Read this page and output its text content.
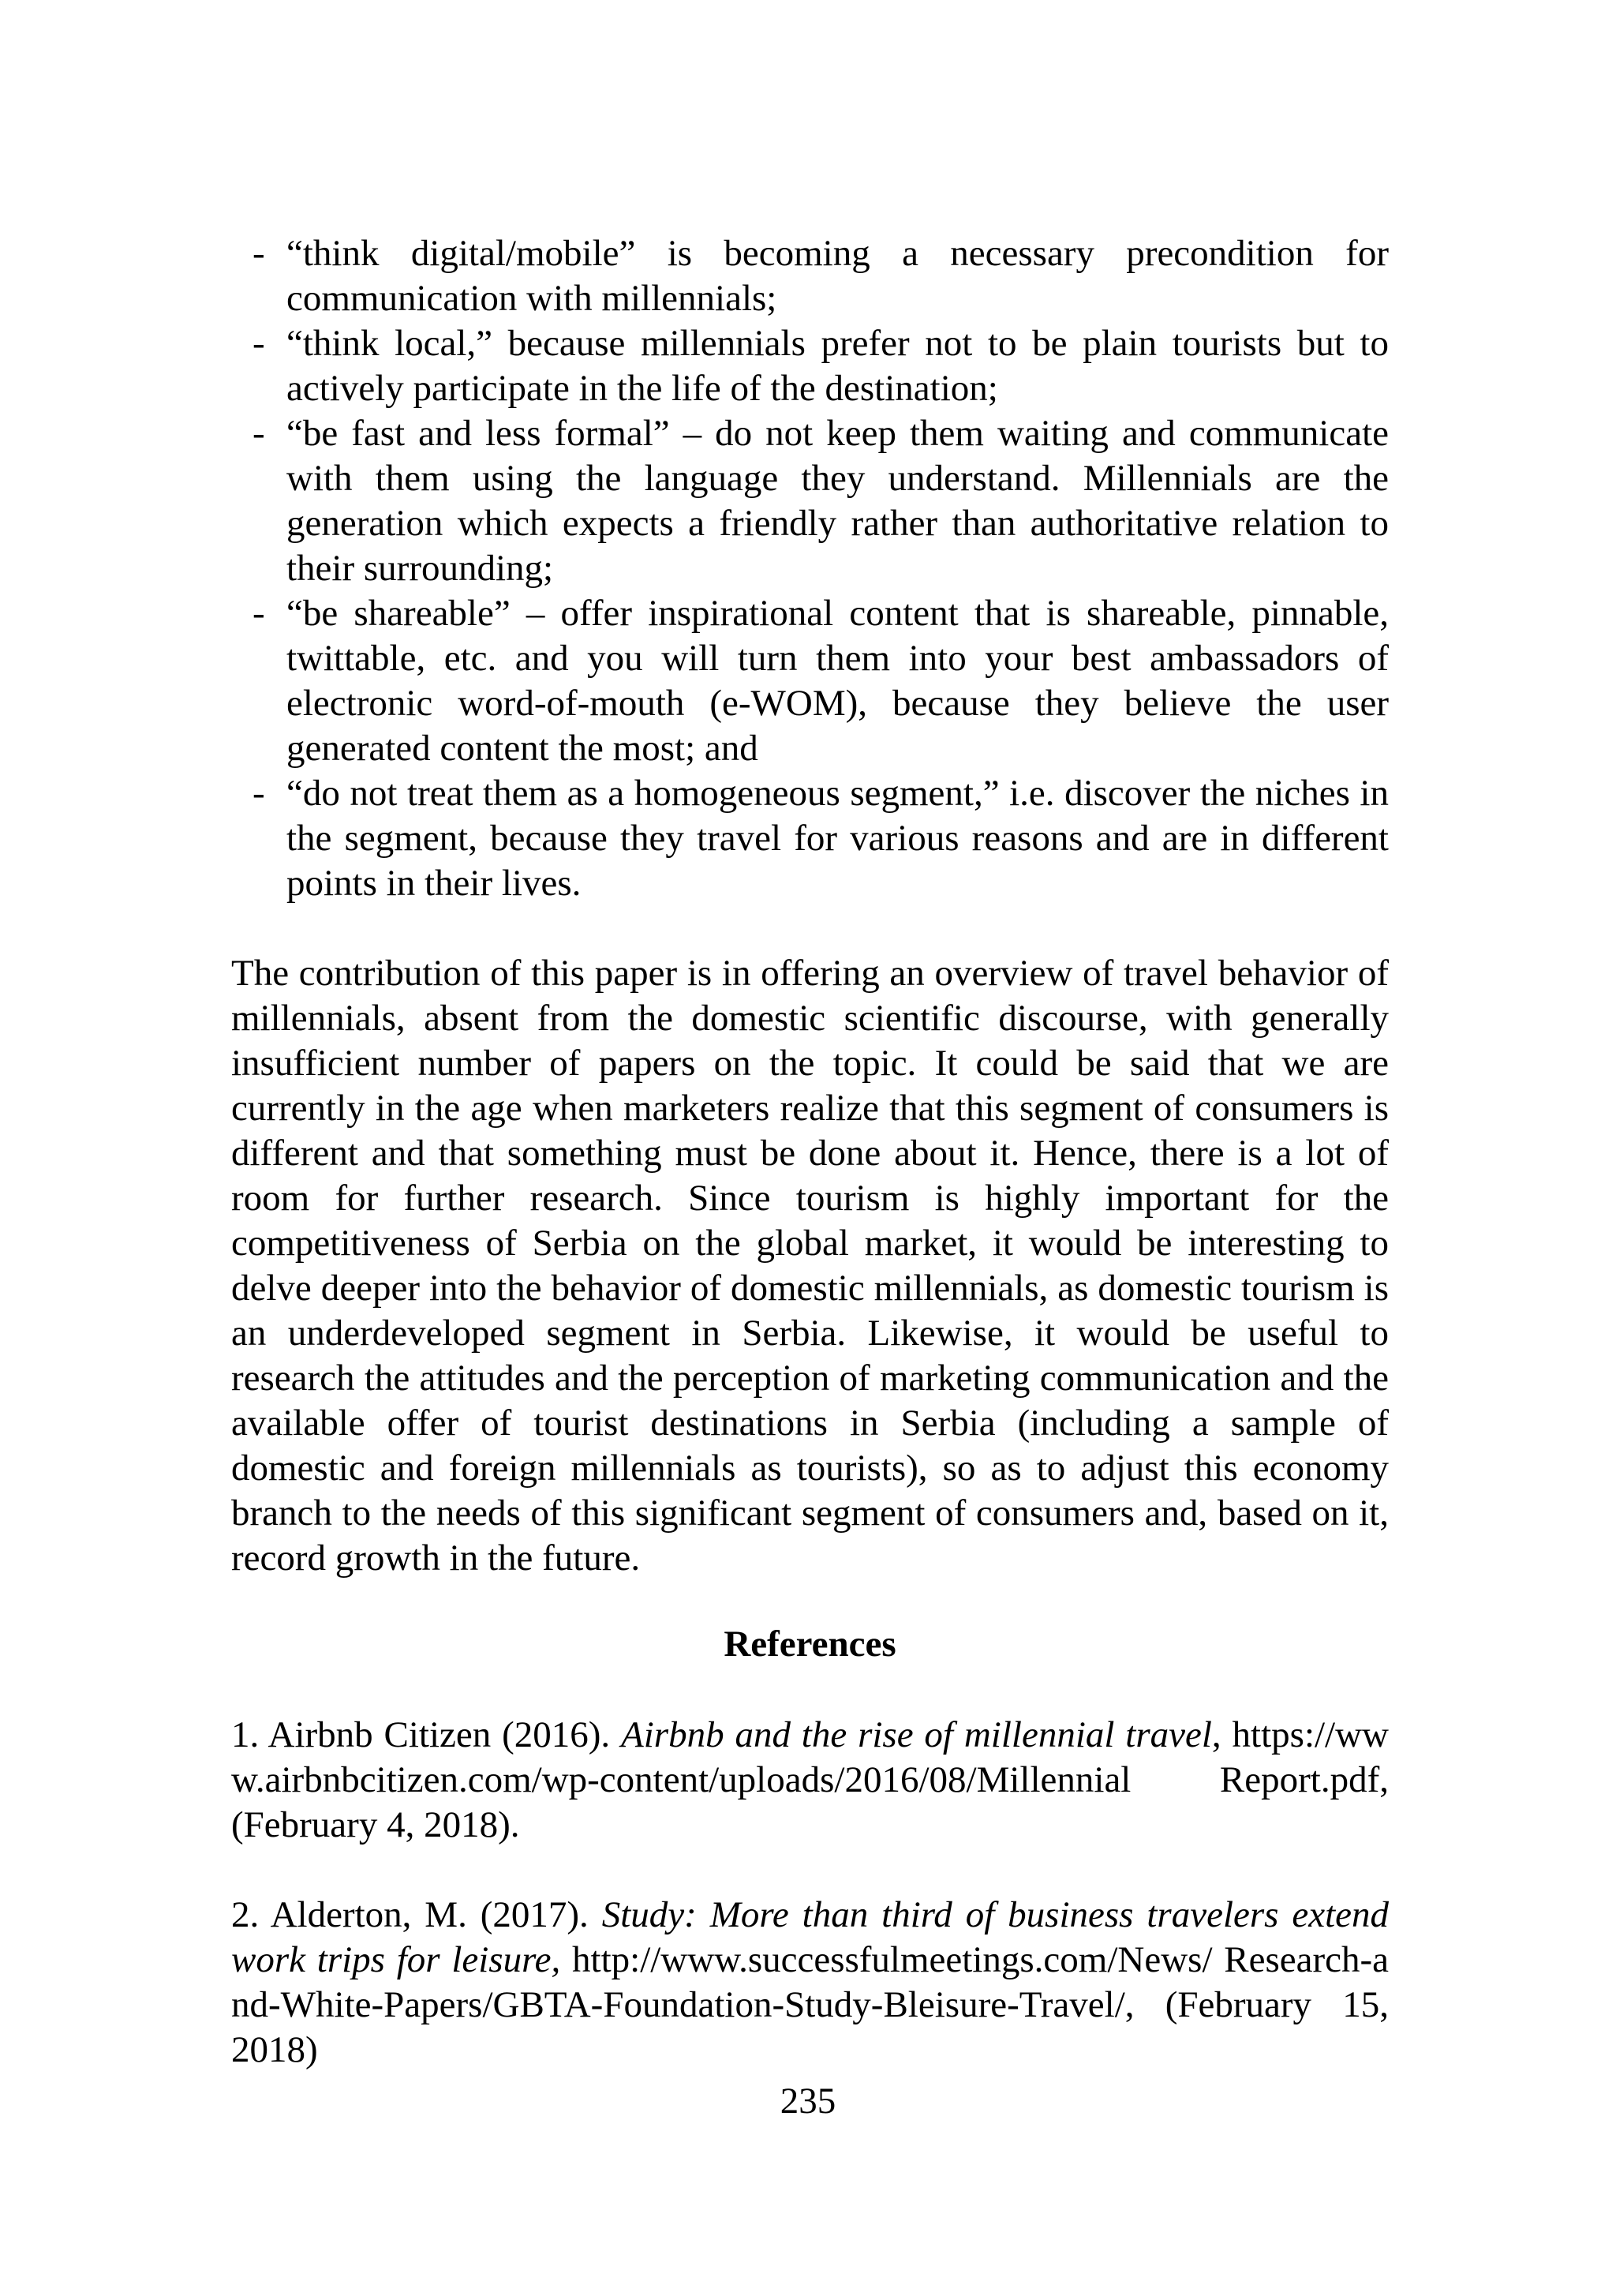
- “think digital/mobile” is becoming a necessary precondition for communication with millennials;
- “think local,” because millennials prefer not to be plain tourists but to actively participate in the life of the destination;
- “be fast and less formal” – do not keep them waiting and communicate with them using the language they understand. Millennials are the generation which expects a friendly rather than authoritative relation to their surrounding;
- “be shareable” – offer inspirational content that is shareable, pinnable, twittable, etc. and you will turn them into your best ambassadors of electronic word-of-mouth (e-WOM), because they believe the user generated content the most; and
- “do not treat them as a homogeneous segment,” i.e. discover the niches in the segment, because they travel for various reasons and are in different points in their lives.

The contribution of this paper is in offering an overview of travel behavior of millennials, absent from the domestic scientific discourse, with generally insufficient number of papers on the topic. It could be said that we are currently in the age when marketers realize that this segment of consumers is different and that something must be done about it. Hence, there is a lot of room for further research. Since tourism is highly important for the competitiveness of Serbia on the global market, it would be interesting to delve deeper into the behavior of domestic millennials, as domestic tourism is an underdeveloped segment in Serbia. Likewise, it would be useful to research the attitudes and the perception of marketing communication and the available offer of tourist destinations in Serbia (including a sample of domestic and foreign millennials as tourists), so as to adjust this economy branch to the needs of this significant segment of consumers and, based on it, record growth in the future.

References

1. Airbnb Citizen (2016). Airbnb and the rise of millennial travel, https://www.airbnbcitizen.com/wp-content/uploads/2016/08/Millennial Report.pdf, (February 4, 2018).

2. Alderton, M. (2017). Study: More than third of business travelers extend work trips for leisure, http://www.successfulmeetings.com/News/ Research-and-White-Papers/GBTA-Foundation-Study-Bleisure-Travel/, (February 15, 2018)

235
